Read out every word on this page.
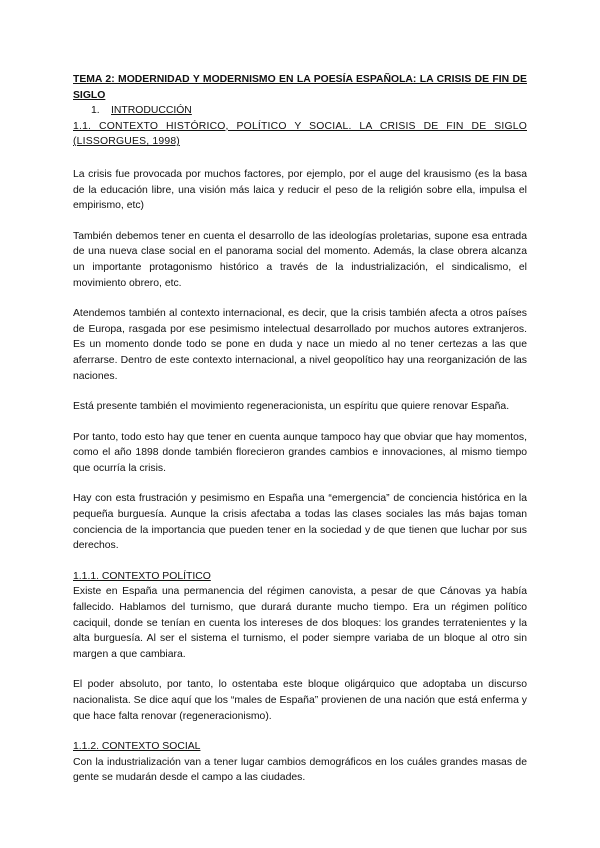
TEMA 2: MODERNIDAD Y MODERNISMO EN LA POESÍA ESPAÑOLA: LA CRISIS DE FIN DE SIGLO
1. INTRODUCCIÓN
1.1. CONTEXTO HISTÓRICO, POLÍTICO Y SOCIAL. LA CRISIS DE FIN DE SIGLO (LISSORGUES, 1998)

La crisis fue provocada por muchos factores, por ejemplo, por el auge del krausismo (es la basa de la educación libre, una visión más laica y reducir el peso de la religión sobre ella, impulsa el empirismo, etc)

También debemos tener en cuenta el desarrollo de las ideologías proletarias, supone esa entrada de una nueva clase social en el panorama social del momento. Además, la clase obrera alcanza un importante protagonismo histórico a través de la industrialización, el sindicalismo, el movimiento obrero, etc.

Atendemos también al contexto internacional, es decir, que la crisis también afecta a otros países de Europa, rasgada por ese pesimismo intelectual desarrollado por muchos autores extranjeros. Es un momento donde todo se pone en duda y nace un miedo al no tener certezas a las que aferrarse. Dentro de este contexto internacional, a nivel geopolítico hay una reorganización de las naciones.

Está presente también el movimiento regeneracionista, un espíritu que quiere renovar España.

Por tanto, todo esto hay que tener en cuenta aunque tampoco hay que obviar que hay momentos, como el año 1898 donde también florecieron grandes cambios e innovaciones, al mismo tiempo que ocurría la crisis.

Hay con esta frustración y pesimismo en España una “emergencia” de conciencia histórica en la pequeña burguesía. Aunque la crisis afectaba a todas las clases sociales las más bajas toman conciencia de la importancia que pueden tener en la sociedad y de que tienen que luchar por sus derechos.

1.1.1. CONTEXTO POLÍTICO

Existe en España una permanencia del régimen canovista, a pesar de que Cánovas ya había fallecido. Hablamos del turnismo, que durará durante mucho tiempo. Era un régimen político caciquil, donde se tenían en cuenta los intereses de dos bloques: los grandes terratenientes y la alta burguesía. Al ser el sistema el turnismo, el poder siempre variaba de un bloque al otro sin margen a que cambiara.

El poder absoluto, por tanto, lo ostentaba este bloque oligárquico que adoptaba un discurso nacionalista. Se dice aquí que los “males de España” provienen de una nación que está enferma y que hace falta renovar (regeneracionismo).

1.1.2. CONTEXTO SOCIAL

Con la industrialización van a tener lugar cambios demográficos en los cuáles grandes masas de gente se mudarán desde el campo a las ciudades.
